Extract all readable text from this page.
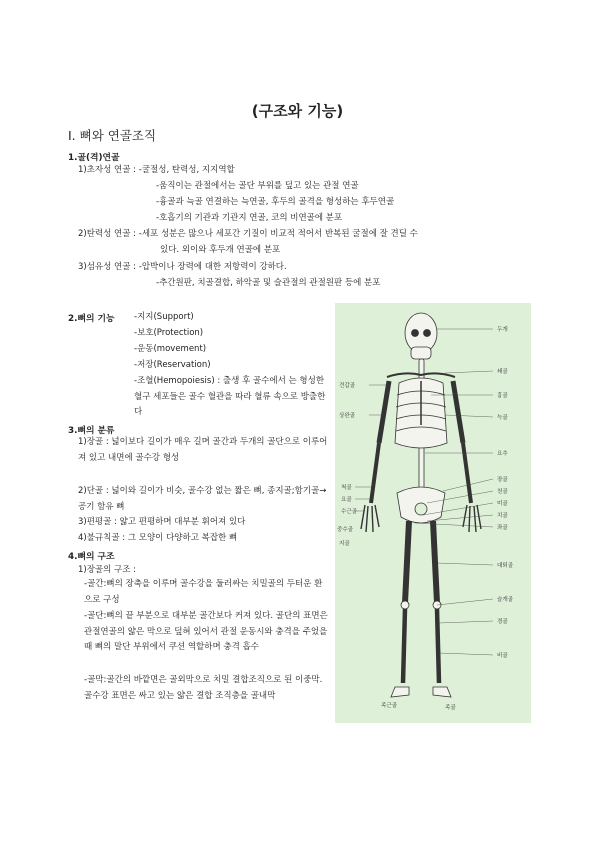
(구조와 기능)
Ⅰ. 뼈와 연골조직
1.골(격)연골
1)초자성 연골 : -굴절성, 탄력성, 지지역할
-움직이는 관절에서는 골단 부위를 덮고 있는 관절 연골
-흉골과 늑골 연결하는 늑연골, 후두의 골격을 형성하는 후두연골
-호흡기의 기관과 기관지 연골, 코의 비연골에 분포
2)탄력성 연골 : -세포 성분은 많으나 세포간 기질이 비교적 적어서 반복된 굴절에 잘 견딜 수
있다. 외이와 후두개 연골에 분포
3)섬유성 연골 : -압박이나 장력에 대한 저항력이 강하다.
-추간원판, 치골결합, 하악골 및 슬관절의 관절원판 등에 분포
2.뼈의 기능 -지지(Support)
-보호(Protection)
-운동(movement)
-저장(Reservation)
-조혈(Hemopoiesis) : 출생 후 골수에서 는 형성한 혈구 세포들은 골수 혈관을 따라 혈류 속으로 방출한다
3.뼈의 분류
1)장골 : 넓이보다 길이가 매우 길며 골간과 두개의 골단으로 이루어져 있고 내면에 골수강 형성
2)단골 : 넓이와 길이가 비슷, 골수강 없는 짧은 뼈, 종지골;함기골→공기 함유 뼈
3)편평골 : 얇고 편평하며 대부분 휘어져 있다
4)불규칙골 : 그 모양이 다양하고 복잡한 뼈
4.뼈의 구조
1)장골의 구조 :
-골간:뼈의 장축을 이루며 골수강을 둘러싸는 치밀골의 두터운 환으로 구성
-골단:뼈의 끝 부분으로 대부분 골간보다 커져 있다. 골단의 표면은 관절연골의 얇은 막으로 덮혀 있어서 관절 운동시와 충격을 주었을 때 뼈의 말단 부위에서 쿠션 역할하며 충격 흡수
-골막:골간의 바깥면은 골외막으로 치밀 결합조직으로 된 이중막. 골수강 표면은 싸고 있는 얇은 결합 조직층을 골내막
두개
쇄골
흉골
늑골
요추
장골
천골
미골
치골
좌골
대퇴골
슬개골
경골
비골
견갑골
상완골
척골
요골
수근골
중수골
지골
족근골	족골
